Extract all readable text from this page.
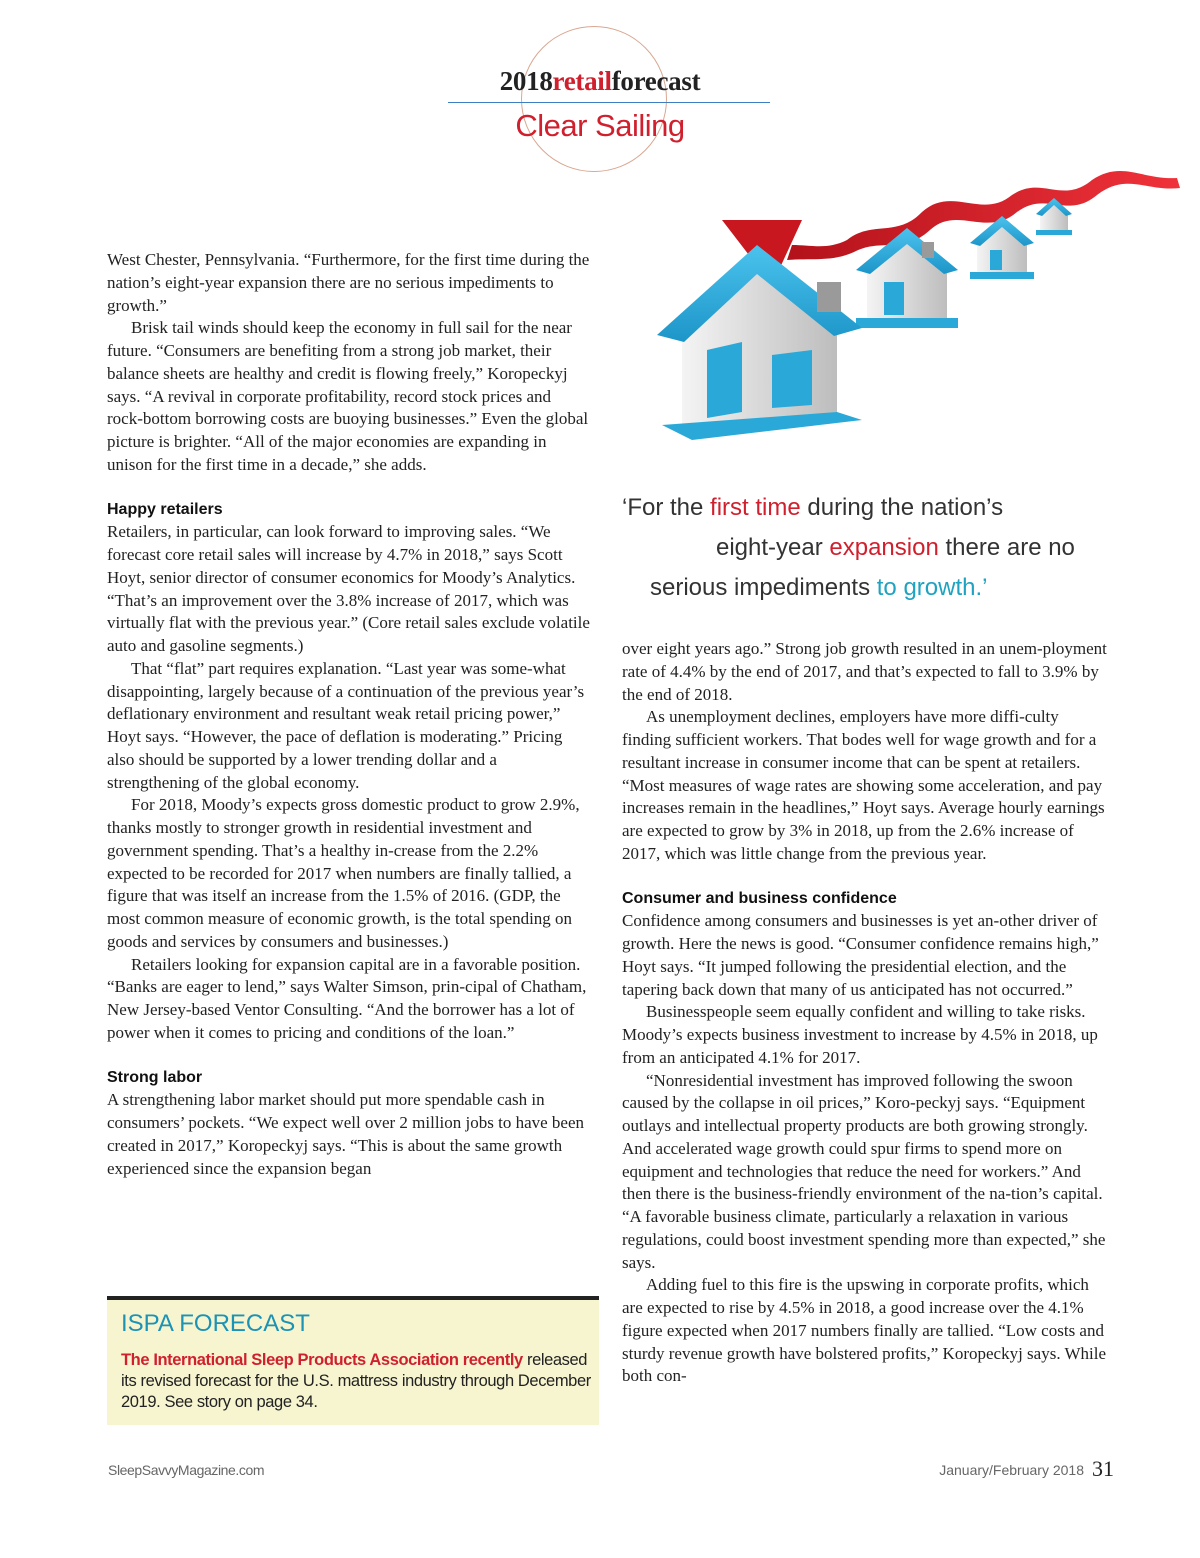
2018retailforecast
Clear Sailing

West Chester, Pennsylvania. “Furthermore, for the first time during the nation’s eight-year expansion there are no serious impediments to growth.”

Brisk tail winds should keep the economy in full sail for the near future. “Consumers are benefiting from a strong job market, their balance sheets are healthy and credit is flowing freely,” Koropeckyj says. “A revival in corporate profitability, record stock prices and rock-bottom borrowing costs are buoying businesses.” Even the global picture is brighter. “All of the major economies are expanding in unison for the first time in a decade,” she adds.

Happy retailers

Retailers, in particular, can look forward to improving sales. “We forecast core retail sales will increase by 4.7% in 2018,” says Scott Hoyt, senior director of consumer economics for Moody’s Analytics. “That’s an improvement over the 3.8% increase of 2017, which was virtually flat with the previous year.” (Core retail sales exclude volatile auto and gasoline segments.)

That “flat” part requires explanation. “Last year was some-what disappointing, largely because of a continuation of the previous year’s deflationary environment and resultant weak retail pricing power,” Hoyt says. “However, the pace of deflation is moderating.” Pricing also should be supported by a lower trending dollar and a strengthening of the global economy.

For 2018, Moody’s expects gross domestic product to grow 2.9%, thanks mostly to stronger growth in residential investment and government spending. That’s a healthy in-crease from the 2.2% expected to be recorded for 2017 when numbers are finally tallied, a figure that was itself an increase from the 1.5% of 2016. (GDP, the most common measure of economic growth, is the total spending on goods and services by consumers and businesses.)

Retailers looking for expansion capital are in a favorable position. “Banks are eager to lend,” says Walter Simson, prin-cipal of Chatham, New Jersey-based Ventor Consulting. “And the borrower has a lot of power when it comes to pricing and conditions of the loan.”

Strong labor

A strengthening labor market should put more spendable cash in consumers’ pockets. “We expect well over 2 million jobs to have been created in 2017,” Koropeckyj says. “This is about the same growth experienced since the expansion began

‘For the first time during the nation’s
eight-year expansion there are no
serious impediments to growth.’

over eight years ago.” Strong job growth resulted in an unem-ployment rate of 4.4% by the end of 2017, and that’s expected to fall to 3.9% by the end of 2018.

As unemployment declines, employers have more diffi-culty finding sufficient workers. That bodes well for wage growth and for a resultant increase in consumer income that can be spent at retailers. “Most measures of wage rates are showing some acceleration, and pay increases remain in the headlines,” Hoyt says. Average hourly earnings are expected to grow by 3% in 2018, up from the 2.6% increase of 2017, which was little change from the previous year.

Consumer and business confidence

Confidence among consumers and businesses is yet an-other driver of growth. Here the news is good. “Consumer confidence remains high,” Hoyt says. “It jumped following the presidential election, and the tapering back down that many of us anticipated has not occurred.”

Businesspeople seem equally confident and willing to take risks. Moody’s expects business investment to increase by 4.5% in 2018, up from an anticipated 4.1% for 2017.

“Nonresidential investment has improved following the swoon caused by the collapse in oil prices,” Koro-peckyj says. “Equipment outlays and intellectual property products are both growing strongly. And accelerated wage growth could spur firms to spend more on equipment and technologies that reduce the need for workers.” And then there is the business-friendly environment of the na-tion’s capital. “A favorable business climate, particularly a relaxation in various regulations, could boost investment spending more than expected,” she says.

Adding fuel to this fire is the upswing in corporate profits, which are expected to rise by 4.5% in 2018, a good increase over the 4.1% figure expected when 2017 numbers finally are tallied. “Low costs and sturdy revenue growth have bolstered profits,” Koropeckyj says. While both con-

ISPA FORECAST
The International Sleep Products Association recently released its revised forecast for the U.S. mattress industry through December 2019. See story on page 34.
SleepSavvyMagazine.com	January/February 2018 31
